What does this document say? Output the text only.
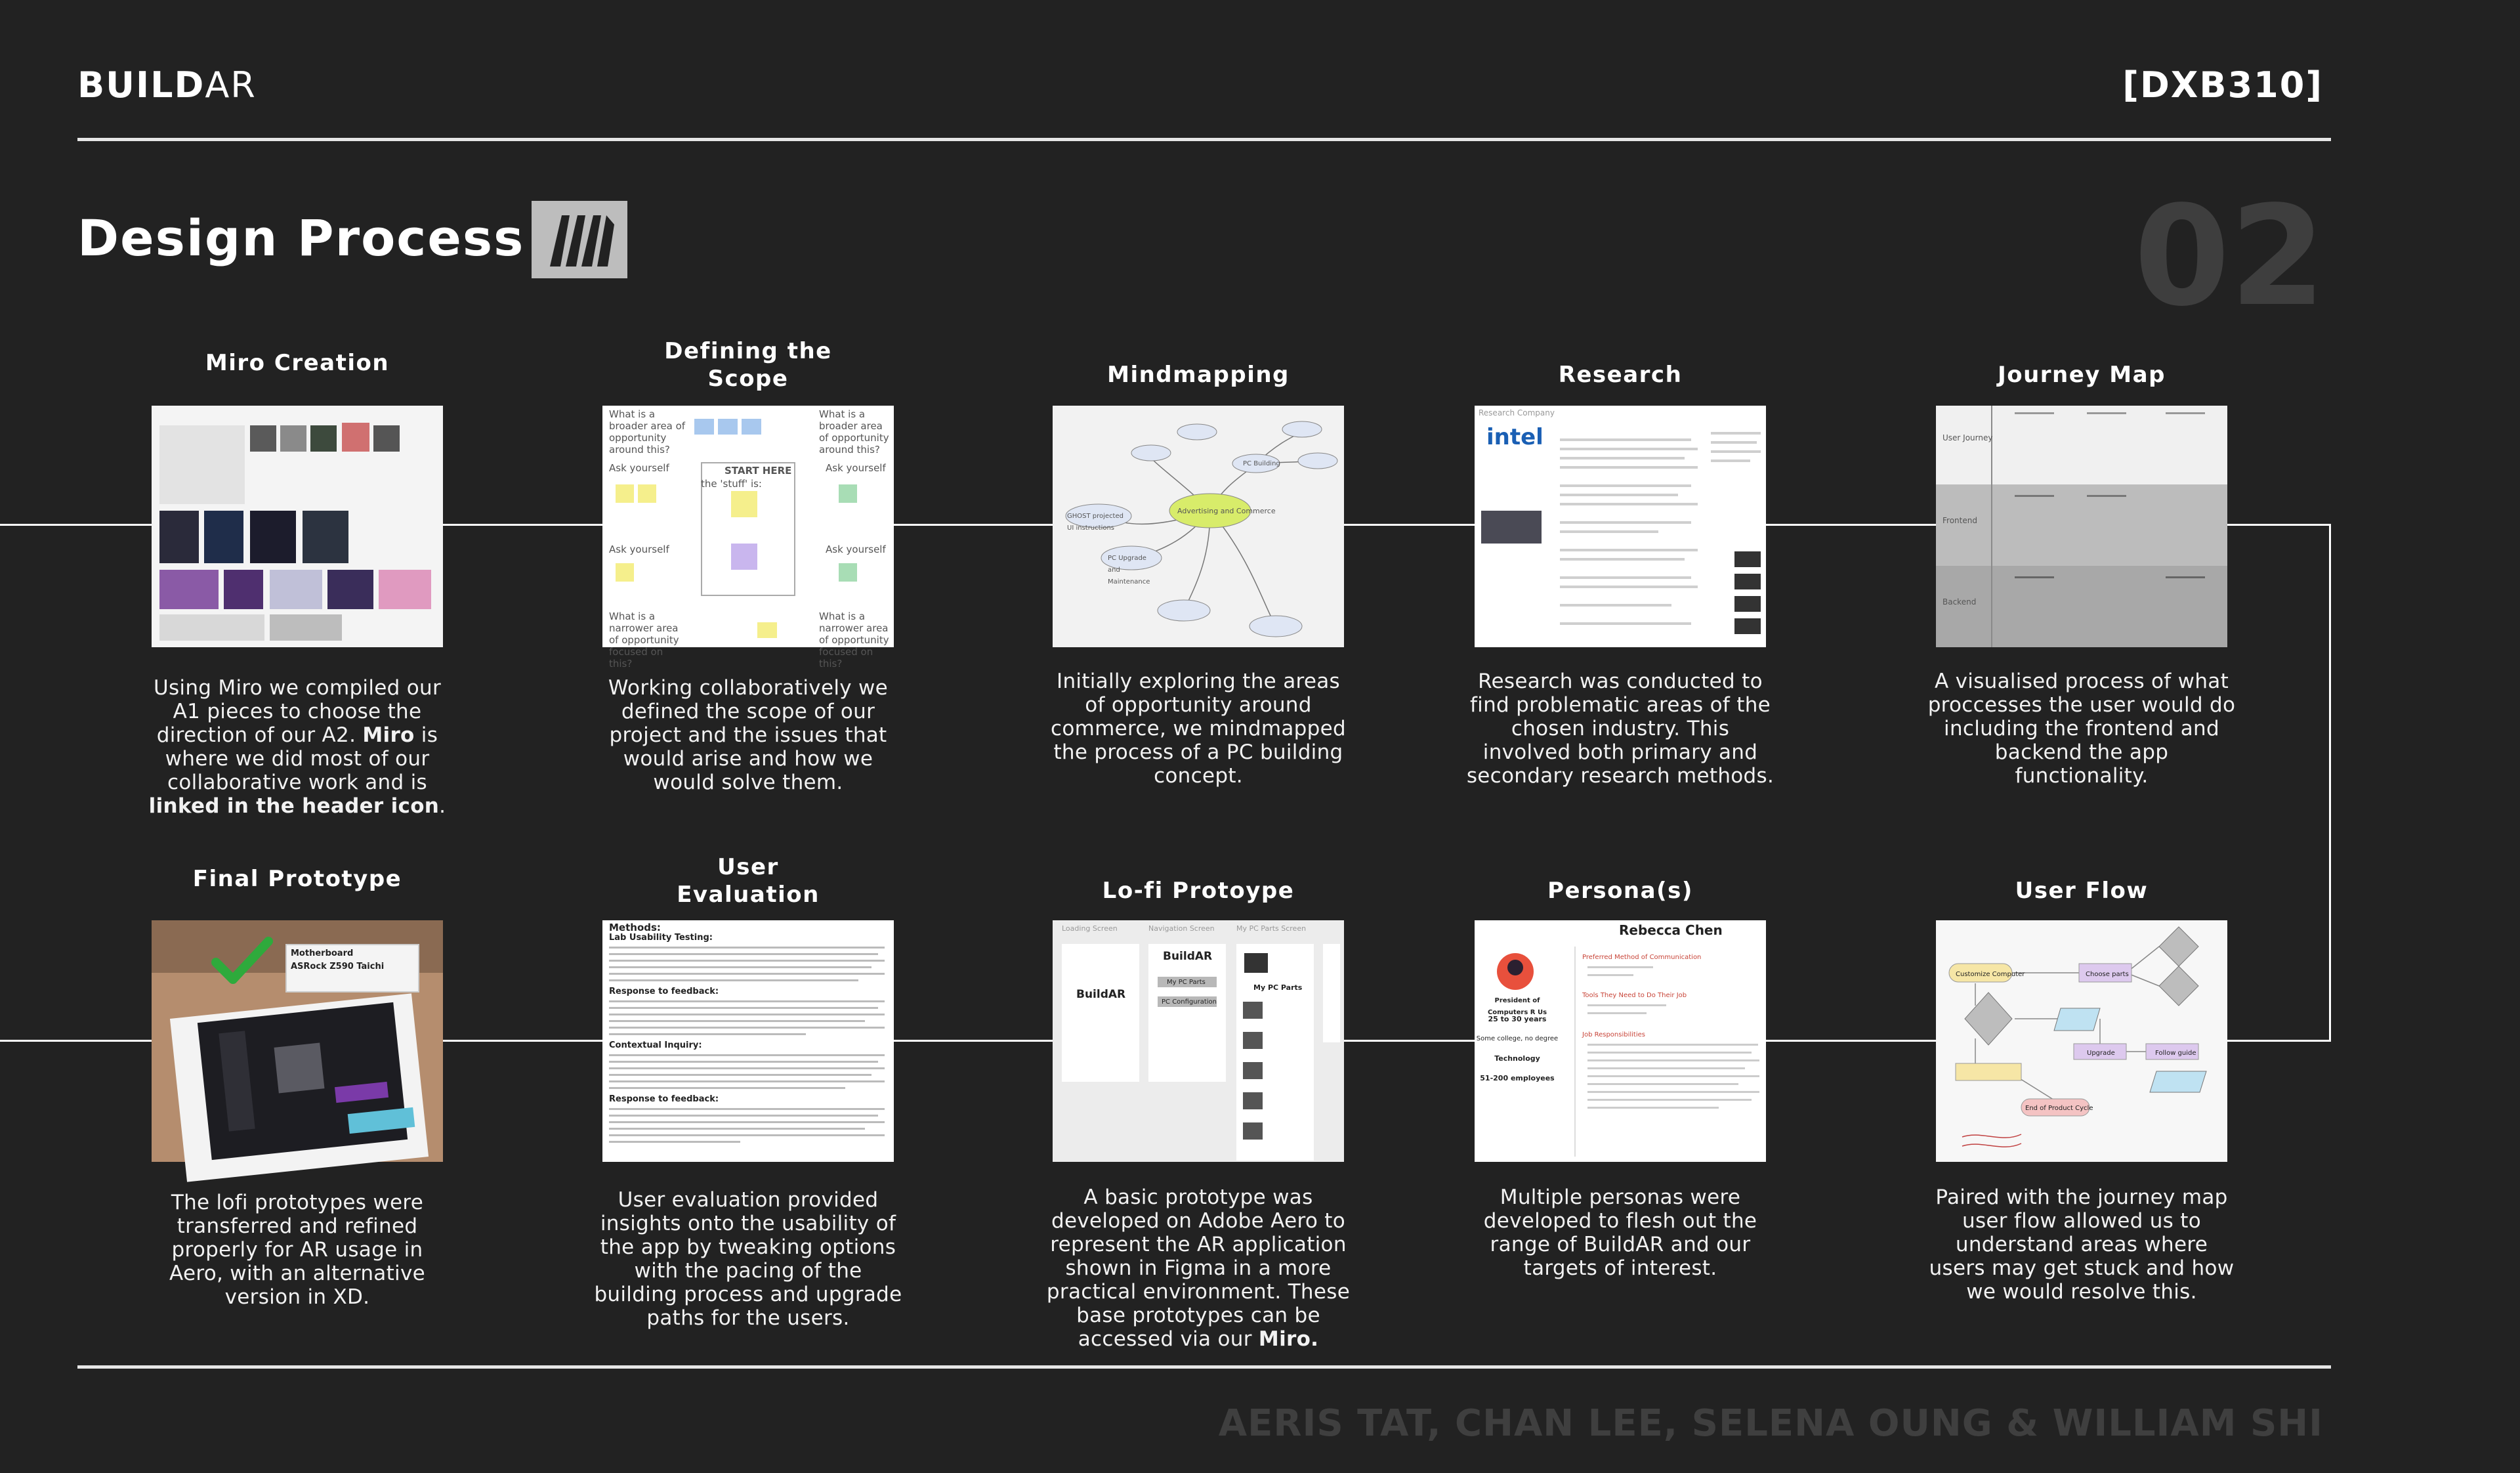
BUILDAR	[DXB310]
Design Process	02
Miro Creation
Using Miro we compiled our A1 pieces to choose the direction of our A2. Miro is where we did most of our collaborative work and is linked in the header icon.
Defining the
Scope
What is a broader area of opportunity around this?
What is a broader area of opportunity around this?
Ask yourself	Ask yourself
START HERE
the 'stuff' is:
Ask yourself	Ask yourself
What is a narrower area of opportunity focused on this?
What is a narrower area of opportunity focused on this?
Working collaboratively we defined the scope of our project and the issues that would arise and how we would solve them.
Mindmapping
Advertising and Commerce
PC Building
PC Upgrade and Maintenance
GHOST projected UI instructions
Initially exploring the areas of opportunity around commerce, we mindmapped the process of a PC building concept.
Research
Research Company
intel
Research was conducted to find problematic areas of the chosen industry. This involved both primary and secondary research methods.
Journey Map
User Journey
Frontend
Backend
A visualised process of what proccesses the user would do including the frontend and backend the app functionality.
Final Prototype
Motherboard
ASRock Z590 Taichi
The lofi prototypes were transferred and refined properly for AR usage in Aero, with an alternative version in XD.
User
Evaluation
Methods:
Lab Usability Testing:
Response to feedback:
Contextual Inquiry:
Response to feedback:
User evaluation provided insights onto the usability of the app by tweaking options with the pacing of the building process and upgrade paths for the users.
Lo-fi Protoype
Loading Screen	Navigation Screen	My PC Parts Screen
BuildAR
BuildAR
My PC Parts
PC Configuration
My PC Parts
A basic prototype was developed on Adobe Aero to represent the AR application shown in Figma in a more practical environment. These base prototypes can be accessed via our Miro.
Persona(s)
Rebecca Chen
President of Computers R Us
25 to 30 years
Some college, no degree
Technology
51-200 employees
Preferred Method of Communication
Tools They Need to Do Their Job
Job Responsibilities
Multiple personas were developed to flesh out the range of BuildAR and our targets of interest.
User Flow
Customize Computer	Choose parts
Upgrade	Follow guide
End of Product Cycle
Paired with the journey map user flow allowed us to understand areas where users may get stuck and how we would resolve this.
AERIS TAT, CHAN LEE, SELENA OUNG & WILLIAM SHI
